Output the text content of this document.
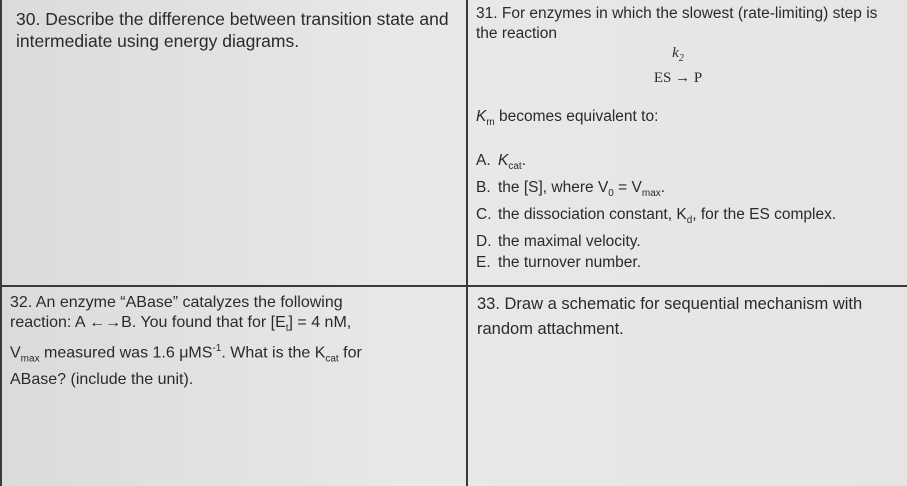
30. Describe the difference between transition state and intermediate using energy diagrams.

31. For enzymes in which the slowest (rate-limiting) step is the reaction

$k_2$
ES → P
$K_m$ becomes equivalent to:
A. $K_{cat}$.
B. the [S], where $V_0 = V_{max}$.
C. the dissociation constant, $K_d$, for the ES complex.
D. the maximal velocity.
E. the turnover number.
32. An enzyme “ABase” catalyzes the following
reaction: A ←→B. You found that for $[E_t] = 4$ nM,
$V_{max}$ measured was 1.6 μMS$^{-1}$. What is the $K_{cat}$ for
ABase? (include the unit).

33. Draw a schematic for sequential mechanism with random attachment.
